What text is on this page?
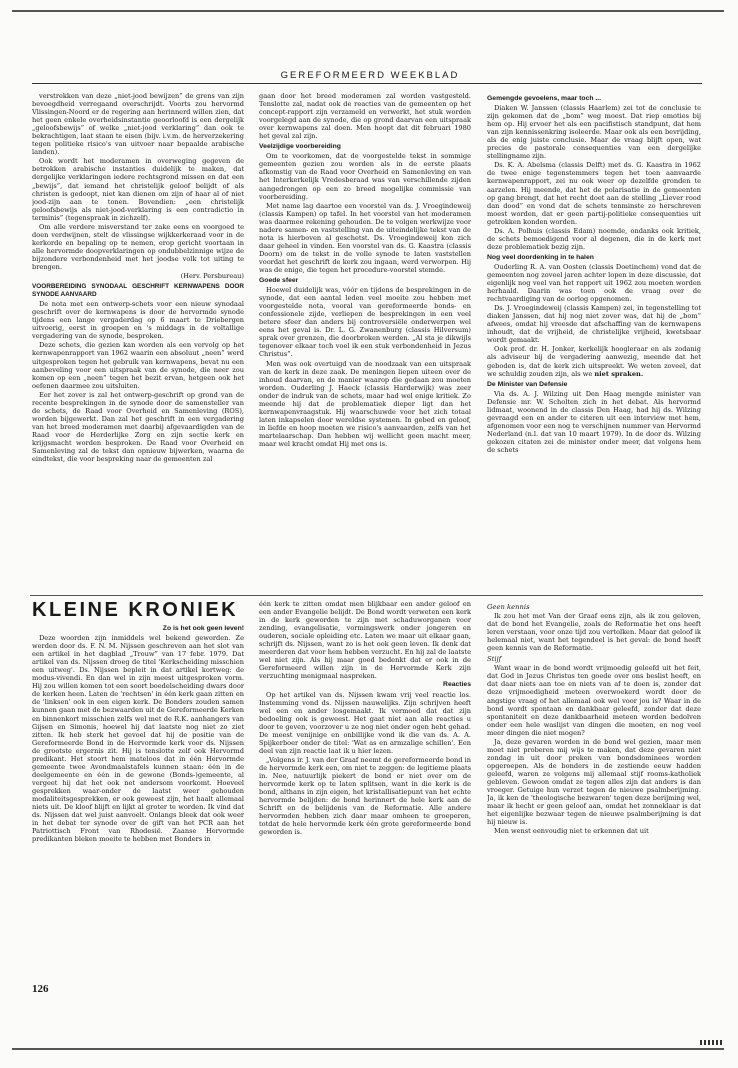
GEREFORMEERD WEEKBLAD

verstrekken van deze „niet-jood bewijzen” de grens van zijn bevoegdheid verregaand overschrijdt. Voorts zou hervormd Vlissingen-Noord er de regering aan herinnerd willen zien, dat het geen enkele overheidsinstantie geoorloofd is een dergelijk „geloofsbewijs” of welke „niet-jood verklaring” dan ook te bekrachtigen, laat staan te eisen (bijv. i.v.m. de herverzekering tegen politieke risico's van uitvoer naar bepaalde arabische landen).

Ook wordt het moderamen in overweging gegeven de betrokken arabische instanties duidelijk te maken, dat dergelijke verklaringen iedere rechtsgrond missen en dat een „bewijs”, dat iemand het christelijk geloof belijdt of als christen is gedoopt, niet kan dienen om zijn of haar al of niet jood-zijn aan te tonen. Bovendien: „een christelijk geloofsbewijs als niet-jood-verklaring is een contradictio in terminis” (tegenspraak in zichzelf).

Om alle verdere misverstand ter zake eens en voorgoed te doen verdwijnen, stelt de vlissingse wijkkerkeraad voor in de kerkorde en bepaling op te nemen, erop gericht voortaan in alle hervormde doopverklaringen op ondubbelzinnige wijze de bijzondere verbondenheid met het joodse volk tot uiting te brengen.

(Herv. Persbureau)

VOORBEREIDING SYNODAAL GESCHRIFT KERNWAPENS DOOR SYNODE AANVAARD

De nota met een ontwerp-schets voor een nieuw synodaal geschrift over de kernwapens is door de hervormde synode tijdens een lange vergaderdag op 6 maart te Driebergen uitvoerig, eerst in groepen en 's middags in de voltallige vergadering van de synode, besproken.

Deze schets, die gezien kan worden als een vervolg op het kernwapenrapport van 1962 waarin een absoluut „neen” werd uitgesproken tegen het gebruik van kernwapens, bevat nu een aanbeveling voor een uitspraak van de synode, die neer zou komen op een „neen” tegen het bezit ervan, hetgeen ook het oefenen daarmee zou uitsluiten.

Eer het zover is zal het ontwerp-geschrift op grond van de recente besprekingen in de synode door de samensteller van de schets, de Raad voor Overheid en Samenleving (ROS), worden bijgewerkt. Dan zal het geschrift in een vergadering van het breed moderamen met daarbij afgevaardigden van de Raad voor de Herderlijke Zorg en zijn sectie kerk en krijgsmacht worden besproken. De Raad voor Overheid en Samenleving zal de tekst dan opnieuw bijwerken, waarna de eindtekst, die voor bespreking naar de gemeenten zal

gaan door het breed moderamen zal worden vastgesteld. Tenslotte zal, nadat ook de reacties van de gemeenten op het concept-rapport zijn verzameld en verwerkt, het stuk worden voorgelegd aan de synode, die op grond daarvan een uitspraak over kernwapens zal doen. Men hoopt dat dit februari 1980 het geval zal zijn.

Veelzijdige voorbereiding

Om te voorkomen, dat de voorgestelde tekst in sommige gemeenten gezien zou worden als in de eerste plaats afkomstig van de Raad voor Overheid en Samenleving en van het Interkerkelijk Vredesberaad was van verschillende zijden aangedrongen op een zo breed mogelijke commissie van voorbereiding.

Met name lag daartoe een voorstel van ds. J. Vroegindeweij (classis Kampen) op tafel. In het voorstel van het moderamen was daarmee rekening gehouden. De te volgen werkwijze voor nadere samen- en vaststelling van de uiteindelijke tekst van de nota is hierboven al geschetst. Ds. Vroegindeweij kon zich daar geheel in vinden. Een voorstel van ds. G. Kaastra (classis Doorn) om de tekst in de volle synode te laten vaststellen voordat het geschrift de kerk zou ingaan, werd verworpen. Hij was de enige, die tegen het procedure-voorstel stemde.

Goede sfeer

Hoewel duidelijk was, vóór en tijdens de besprekingen in de synode, dat een aantal leden veel moeite zou hebben met voorgestelde nota, vooral van gereformeerde bonds- en confessionele zijde, verliepen de besprekingen in een veel betere sfeer dan anders bij controversiële onderwerpen wel eens het geval is. Dr. L. G. Zwanenburg (classis Hilversum) sprak over grenzen, die doorbroken werden. „Al sta je dikwijls tegenover elkaar toch voel ik een stuk verbondenheid in Jezus Christus”.

Men was ook overtuigd van de noodzaak van een uitspraak van de kerk in deze zaak. De meningen liepen uiteen over de inhoud daarvan, en de manier waarop die gedaan zou moeten worden. Ouderling J. Haeck (classis Harderwijk) was zeer onder de indruk van de schets, maar had wel enige kritiek. Zo meende hij dat de problematiek dieper ligt dan het kernwapenvraagstuk. Hij waarschuwde voor het zich totaal laten inkapselen door wereldse systemen. In gebed en geloof, in liefde en hoop moeten we risico's aanvaarden, zelfs van het martelaarschap. Dan hebben wij wellicht geen macht meer, maar wel kracht omdat Hij met ons is.

Gemengde gevoelens, maar toch ...

Diaken W. Janssen (classis Haarlem) zei tot de conclusie te zijn gekomen dat de „bom” weg moest. Dat riep emoties bij hem op. Hij ervoer het als een pacifistisch standpunt, dat hem van zijn kennissenkring isoleerde. Maar ook als een bevrijding, als de enig juiste conclusie. Maar de vraag blijft open, wat precies de pastorale consequenties van een dergelijke stellingname zijn.

Ds. K. A. Abelsma (classis Delft) met ds. G. Kaastra in 1962 de twee enige tegenstemmers tegen het toen aanvaarde kernwapenrapport, zei nu ook weer op dezelfde gronden te aarzelen. Hij meende, dat het de polarisatie in de gemeenten op gang brengt, dat het recht doet aan de stelling „Liever rood dan dood” en vond dat de schets tenminste zo herschreven moest worden, dat er geen partij-politieke consequenties uit getrokken konden worden.

Ds. A. Polhuis (classis Edam) noemde, ondanks ook kritiek, de schets bemoedigend voor al degenen, die in de kerk met deze problematiek bezig zijn.

Nog veel doordenking in te halen

Ouderling R. A. van Oosten (classis Doetinchem) vond dat de gemeenten nog zoveel jaren achter lopen in deze discussie, dat eigenlijk nog veel van het rapport uit 1962 zou moeten worden herhaald. Daarin was toen ook de vraag over de rechtvaardiging van de oorlog opgenomen.

Ds. J. Vroegindeweij (classis Kampen) zei, in tegenstelling tot diaken Janssen, dat hij nog niet zover was, dat hij de „bom” afwees, omdat hij vreesde dat afschaffing van de kernwapens inhoudt, dat de vrijheid, de christelijke vrijheid, kwetsbaar wordt gemaakt.

Ook prof. dr. H. Jonker, kerkelijk hoogleraar en als zodanig als adviseur bij de vergadering aanwezig, meende dat het geboden is, dat de kerk zich uitspreekt. We weten zoveel, dat we schuldig zouden zijn, als we niet spraken.

De Minister van Defensie

Via ds. A. J. Wilzing uit Den Haag mengde minister van Defensie mr. W. Scholten zich in het debat. Als hervormd lidmaat, woonend in de classis Den Haag, had hij ds. Wilzing gevraagd een en ander te citeren uit een interview met hem, afgenomen voor een nog te verschijnen nummer van Hervormd Nederland (n.l. dat van 10 maart 1979). In de door ds. Wilzing gekozen citaten zei de minister onder meer, dat volgens hem de schets

KLEINE KRONIEK
Zo is het ook geen leven!

Deze woorden zijn inmiddels wel bekend geworden. Ze werden door ds. F. N. M. Nijssen geschreven aan het slot van een artikel in het dagblad „Trouw” van 17 febr. 1979. Dat artikel van ds. Nijssen droeg de titel 'Kerkscheiding misschien een uitweg'. Ds. Nijssen bepleit in dat artikel kortweg: de modus-vivendi. En dan wel in zijn meest uitgesproken vorm. Hij zou willen komen tot een soort boedelscheiding dwars door de kerken heen. Laten de 'rechtsen' in één kerk gaan zitten en de 'linksen' ook in een eigen kerk. De Bonders zouden samen kunnen gaan met de bezwaarden uit de Gereformeerde Kerken en binnenkort misschien zelfs wel met de R.K. aanhangers van Gijsen en Simonis, hoewel hij dat laatste nog niet zo ziet zitten. Ik heb sterk het gevoel dat hij de positie van de Gereformeerde Bond in de Hervormde kerk voor ds. Nijssen de grootste ergernis zit. Hij is tenslotte zelf ook Hervormd predikant. Het stoort hem mateloos dat in één Hervormde gemeente twee Avondmaalstafels kunnen staan: één in de deelgemeente en één in de gewone (Bonds-)gemeente, al vergeet hij dat het ook net andersom voorkomt. Hoeveel gesprekken waar-onder de laatst weer gehouden modaliteitsgesprekken, er ook geweest zijn, het haalt allemaal niets uit. De kloof blijft en lijkt al groter te worden. Ik vind dat ds. Nijssen dat wel juist aanvoelt. Onlangs bleek dat ook weer in het debat ter synode over de gift van het PCR aan het Patriottisch Front van Rhodesië. Zaanse Hervormde predikanten bleken moeite te hebben met Bonders in

één kerk te zitten omdat men blijkbaar een ander geloof en een ander Evangelie belijdt. De Bond wordt verweten een kerk in de kerk geworden te zijn met schaduworganen voor zending, evangelisatie, vormingswerk onder jongeren en ouderen, sociale opleiding etc. Laten we maar uit elkaar gaan, schrijft ds. Nijssen, want zo is het ook geen leven. Ik denk dat meerderen dat voor hem hebben verzucht. En hij zal de laatste wel niet zijn. Als hij maar goed bedenkt dat er ook in de Gereformeerd willen zijn in de Hervormde Kerk zijn verzuchting menigmaal naspreken.

Reacties

Op het artikel van ds. Nijssen kwam vrij veel reactie los. Instemming vond ds. Nijssen nauwelijks. Zijn schrijven heeft wel een en ander losgemaakt. Ik vermoed dat dat zijn bedoeling ook is geweest. Het gaat niet aan alle reacties u door te geven, voorzover u ze nog niet onder ogen hebt gehad. De meest venijnige en onbillijke vond ik die van ds. A. A. Spijkerboer onder de titel: 'Wat as en armzalige schillen'. Een deel van zijn reactie laat ik u hier lezen.

„Volgens ir. J. van der Graaf neemt de gereformeerde bond in de hervormde kerk een, om niet te zeggen: de legitieme plaats in. Nee, natuurlijk piekert de bond er niet over om de hervormde kerk op te laten splitsen, want in die kerk is de bond, althans in zijn eigen, het kristallisatiepunt van het echte hervormde belijden: de bond herinnert de hele kerk aan de Schrift en de belijdenis van de Reformatie. Alle andere hervormden hebben zich daar maar omheen te groeperen, totdat de hele hervormde kerk één grote gereformeerde bond geworden is.

Geen kennis

Ik zou het met Van der Graaf eens zijn, als ik zou geloven, dat de bond het Evangelie, zoals de Reformatie het ons heeft leren verstaan, voor onze tijd zou vertolken. Maar dat geloof ik helemaal niet, want het tegendeel is het geval: de bond heeft geen kennis van de Reformatie.

Stijf

Want waar in de bond wordt vrijmoedig geleefd uit het feit, dat God in Jezus Christus ten goede over ons beslist heeft, en dat daar niets aan toe en niets van af te doen is, zonder dat deze vrijmoedigheid meteen overwoekerd wordt door de angstige vraag of het allemaal ook wel voor jou is? Waar in de bond wordt spontaan en dankbaar geleefd, zonder dat deze spontaniteit en deze dankbaarheid meteen worden bedolven onder een hele waslijst van dingen die moeten, en nog veel meer dingen die niet mogen?

Ja, deze gevaren worden in de bond wel gezien, maar men moet niet proberen mij wijs te maken, dat deze gevaren niet zondag in uit door preken van bondsdominees worden opgeroepen. Als de bonders in de zestiende eeuw hadden geleefd, waren ze volgens mij allemaal stijf rooms-katholiek gebleven. Gewoon omdat ze tegen alles zijn dat anders is dan vroeger. Getuige hun verzet tegen de nieuwe psalmberijming. Ja, ik ken de 'theologische bezwaren' tegen deze berijming wel, maar ik hecht er geen geloof aan, omdat het zonneklaar is dat het eigenlijke bezwaar tegen de nieuwe psalmberijming is dat hij nieuw is.

Men wenst eenvoudig niet te erkennen dat uit

126
